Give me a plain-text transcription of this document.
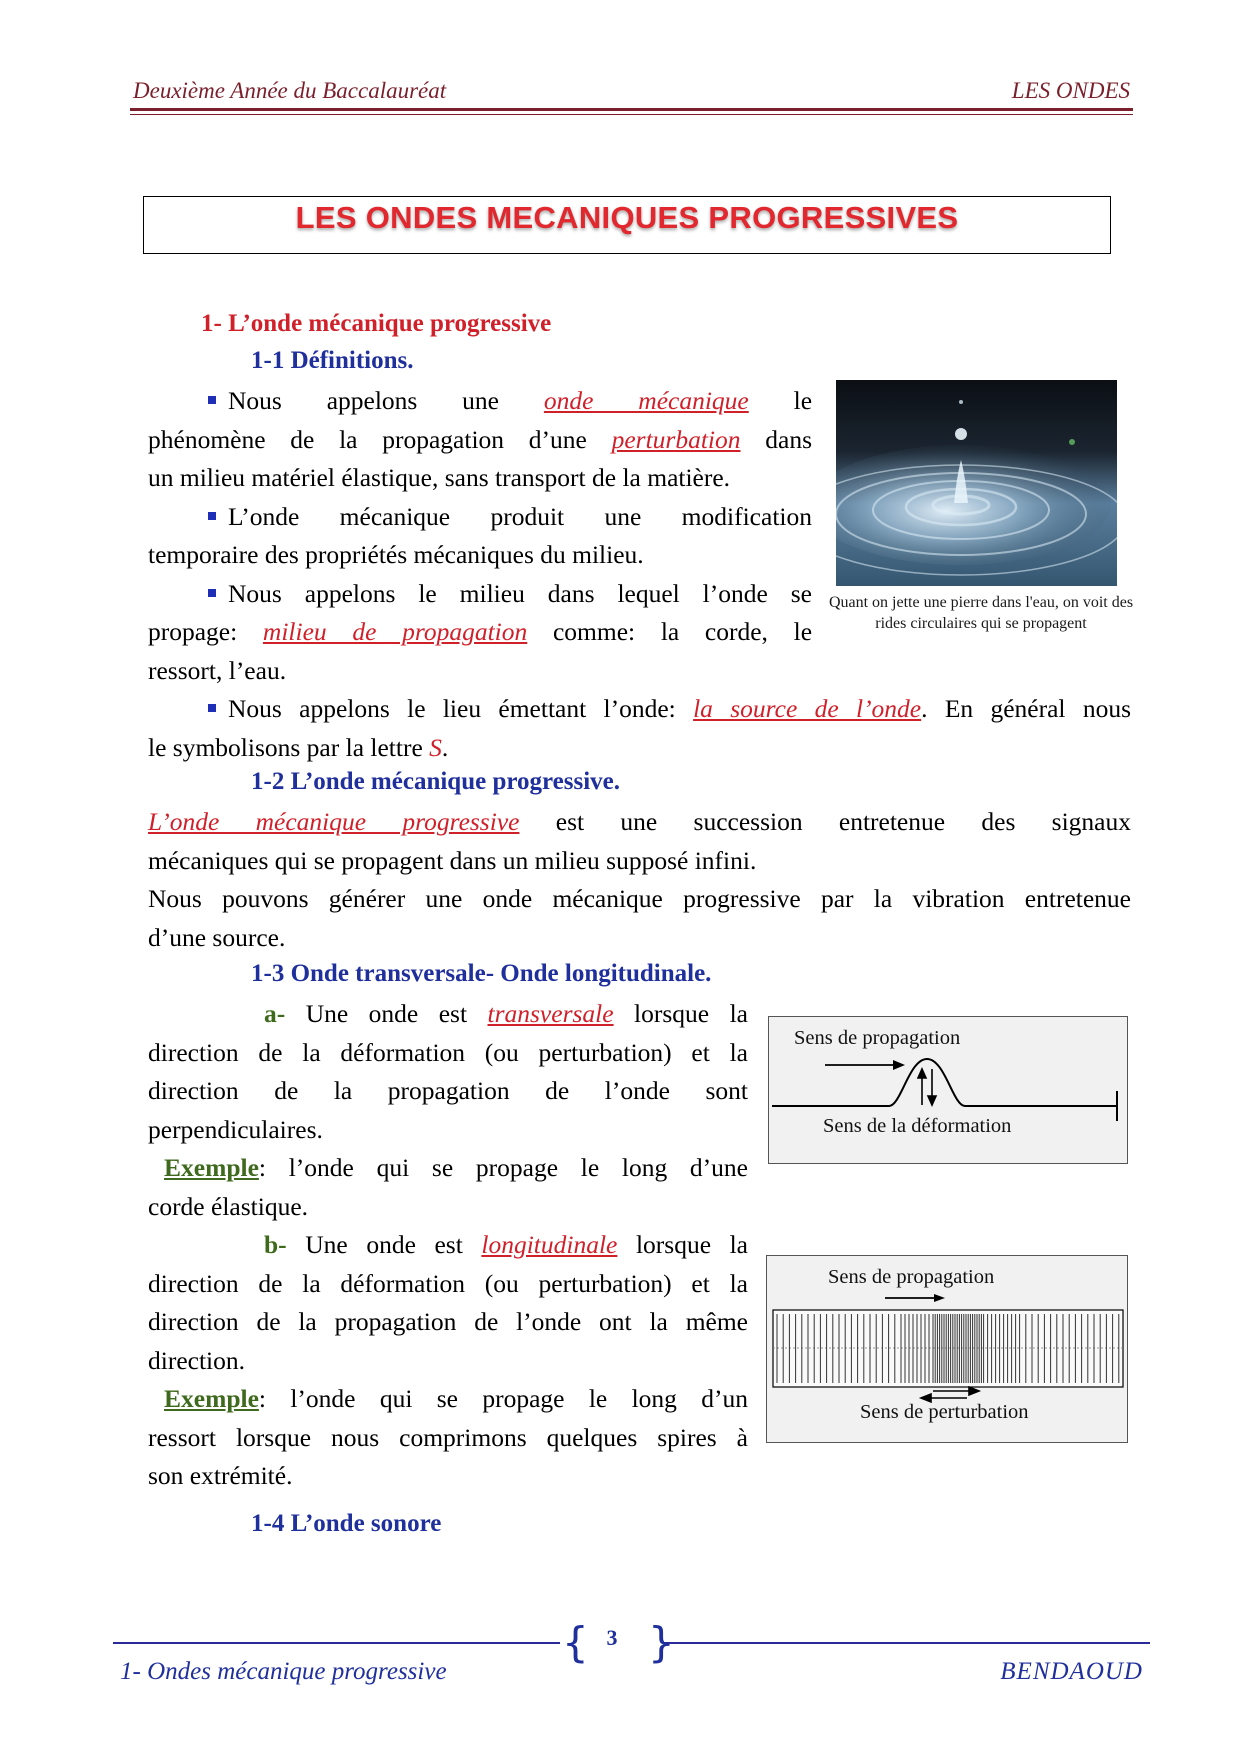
Deuxième Année du Baccalauréat	LES ONDES
LES ONDES MECANIQUES PROGRESSIVES
1- L’onde mécanique progressive
1-1 Définitions.
Nous appelons une onde mécanique le
phénomène de la propagation d’une perturbation dans
un milieu matériel élastique, sans transport de la matière.
L’onde mécanique produit une modification
temporaire des propriétés mécaniques du milieu.
Nous appelons le milieu dans lequel l’onde se
propage: milieu de propagation comme: la corde, le
ressort, l’eau.
Nous appelons le lieu émettant l’onde: la source de l’onde. En général nous
le symbolisons par la lettre S.
Quant on jette une pierre dans l'eau, on voit des rides circulaires qui se propagent
1-2 L’onde mécanique progressive.
L’onde mécanique progressive est une succession entretenue des signaux
mécaniques qui se propagent dans un milieu supposé infini.
Nous pouvons générer une onde mécanique progressive par la vibration entretenue
d’une source.
1-3 Onde transversale- Onde longitudinale.
a- Une onde est transversale lorsque la
direction de la déformation (ou perturbation) et la
direction de la propagation de l’onde sont
perpendiculaires.
Exemple: l’onde qui se propage le long d’une
corde élastique.
Sens de propagation
Sens de la déformation
b- Une onde est longitudinale lorsque la
direction de la déformation (ou perturbation) et la
direction de la propagation de l’onde ont la même
direction.
Exemple: l’onde qui se propage le long d’un
ressort lorsque nous comprimons quelques spires à
son extrémité.
Sens de propagation
Sens de perturbation
1-4 L’onde sonore
{ }
3
1- Ondes mécanique progressive	BENDAOUD
